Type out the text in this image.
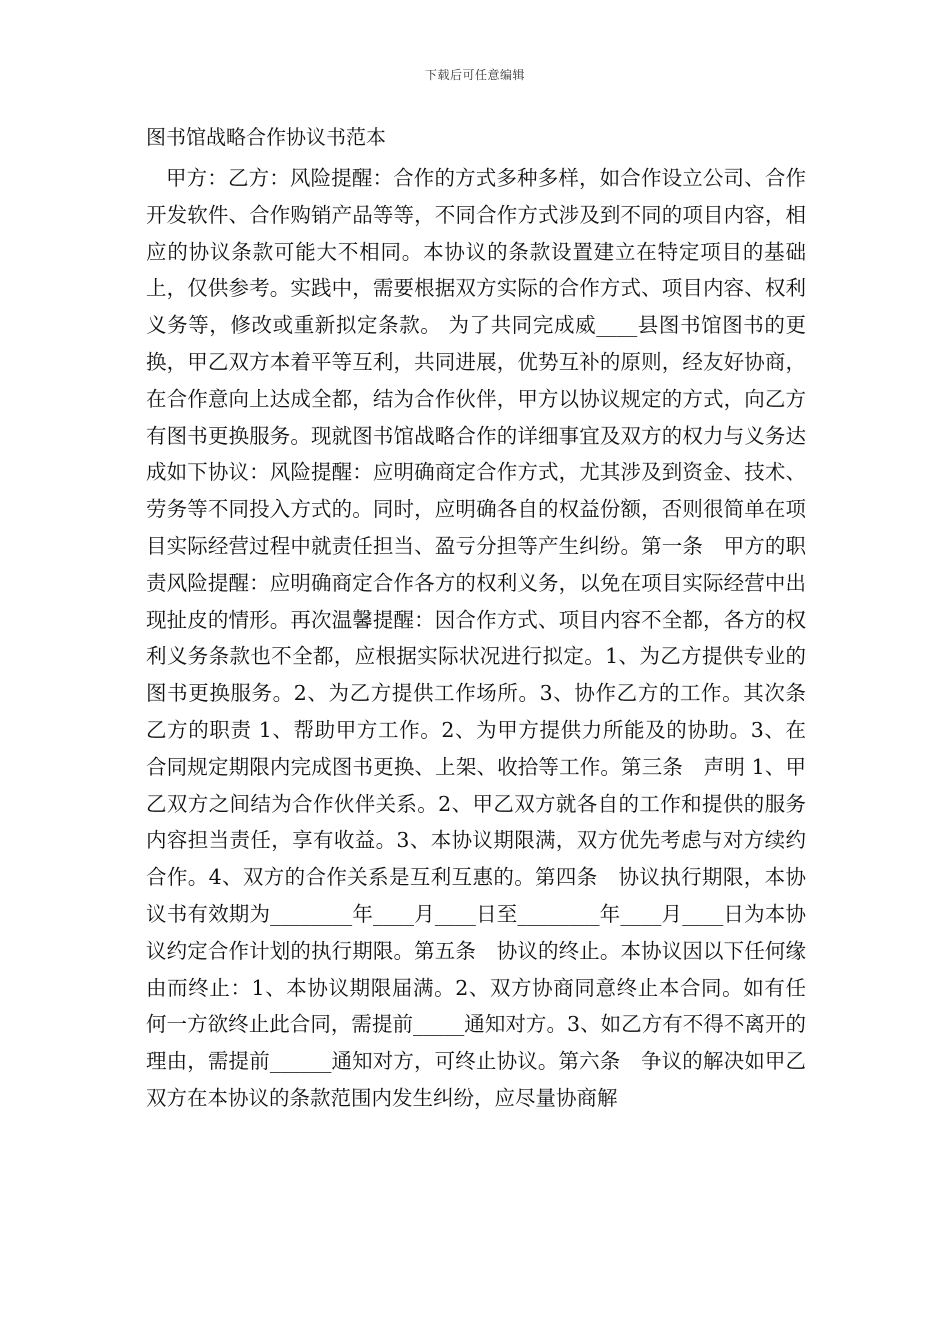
下载后可任意编辑
图书馆战略合作协议书范本

甲方：乙方：风险提醒：合作的方式多种多样，如合作设立公司、合作开发软件、合作购销产品等等，不同合作方式涉及到不同的项目内容，相应的协议条款可能大不相同。本协议的条款设置建立在特定项目的基础上，仅供参考。实践中，需要根据双方实际的合作方式、项目内容、权利义务等，修改或重新拟定条款。 为了共同完成威____县图书馆图书的更换，甲乙双方本着平等互利，共同进展，优势互补的原则，经友好协商，在合作意向上达成全都，结为合作伙伴，甲方以协议规定的方式，向乙方有图书更换服务。现就图书馆战略合作的详细事宜及双方的权力与义务达成如下协议：风险提醒：应明确商定合作方式，尤其涉及到资金、技术、劳务等不同投入方式的。同时，应明确各自的权益份额，否则很简单在项目实际经营过程中就责任担当、盈亏分担等产生纠纷。第一条　甲方的职责风险提醒：应明确商定合作各方的权利义务，以免在项目实际经营中出现扯皮的情形。再次温馨提醒：因合作方式、项目内容不全都，各方的权利义务条款也不全都，应根据实际状况进行拟定。1、为乙方提供专业的图书更换服务。2、为乙方提供工作场所。3、协作乙方的工作。其次条　乙方的职责 1、帮助甲方工作。2、为甲方提供力所能及的协助。3、在合同规定期限内完成图书更换、上架、收拾等工作。第三条　声明 1、甲乙双方之间结为合作伙伴关系。2、甲乙双方就各自的工作和提供的服务内容担当责任，享有收益。3、本协议期限满，双方优先考虑与对方续约合作。4、双方的合作关系是互利互惠的。第四条　协议执行期限，本协议书有效期为________年____月____日至________年____月____日为本协议约定合作计划的执行期限。第五条　协议的终止。本协议因以下任何缘由而终止：1、本协议期限届满。2、双方协商同意终止本合同。如有任何一方欲终止此合同，需提前_____通知对方。3、如乙方有不得不离开的理由，需提前______通知对方，可终止协议。第六条　争议的解决如甲乙双方在本协议的条款范围内发生纠纷，应尽量协商解
